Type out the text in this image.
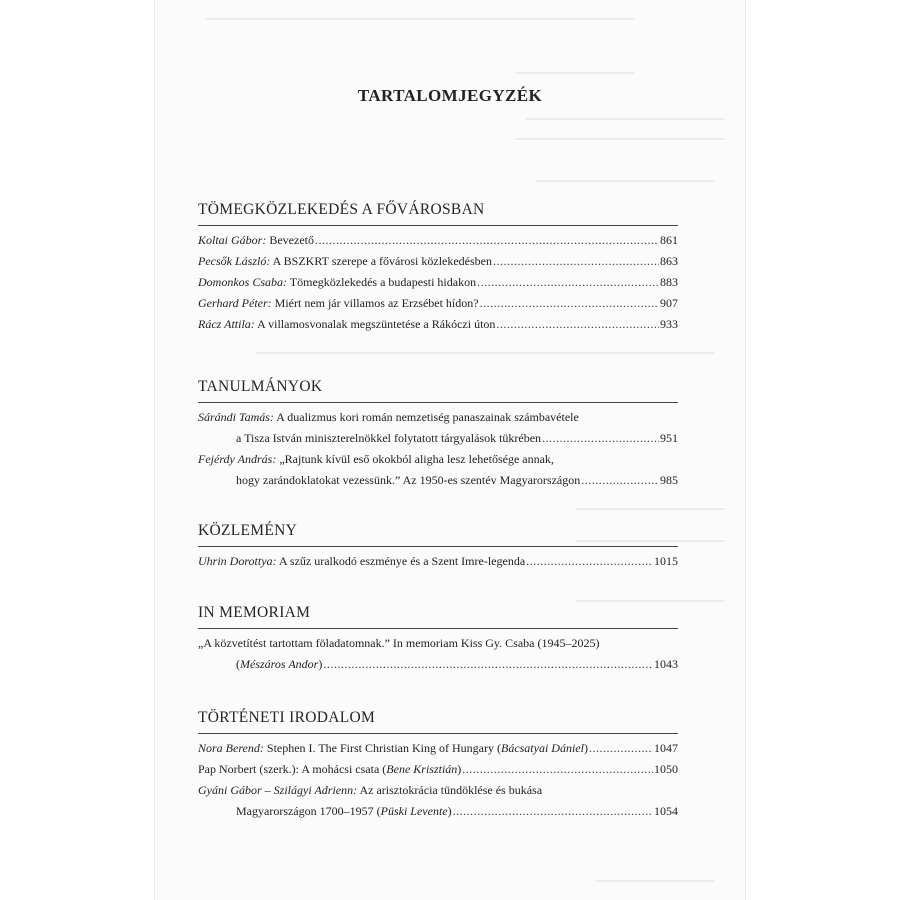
TARTALOMJEGYZÉK
TÖMEGKÖZLEKEDÉS A FŐVÁROSBAN
Koltai Gábor: Bevezető .....	861
Pecsők László: A BSZKRT szerepe a fővárosi közlekedésben .....	863
Domonkos Csaba: Tömegközlekedés a budapesti hidakon .....	883
Gerhard Péter: Miért nem jár villamos az Erzsébet hídon? .....	907
Rácz Attila: A villamosvonalak megszüntetése a Rákóczi úton .....	933
TANULMÁNYOK
Sárándi Tamás: A dualizmus kori román nemzetiség panaszainak számbavétele
a Tisza István miniszterelnökkel folytatott tárgyalások tükrében .....	951
Fejérdy András: „Rajtunk kívül eső okokból aligha lesz lehetősége annak,
hogy zarándoklatokat vezessünk.” Az 1950-es szentév Magyarországon .....	985
KÖZLEMÉNY
Uhrin Dorottya: A szűz uralkodó eszménye és a Szent Imre-legenda .....	1015
IN MEMORIAM
„A közvetítést tartottam föladatomnak.” In memoriam Kiss Gy. Csaba (1945–2025)
(Mészáros Andor) .....	1043
TÖRTÉNETI IRODALOM
Nora Berend: Stephen I. The First Christian King of Hungary (Bácsatyai Dániel) .....	1047
Pap Norbert (szerk.): A mohácsi csata (Bene Krisztián) .....	1050
Gyáni Gábor – Szilágyi Adrienn: Az arisztokrácia tündöklése és bukása
Magyarországon 1700–1957 (Püski Levente) .....	1054
